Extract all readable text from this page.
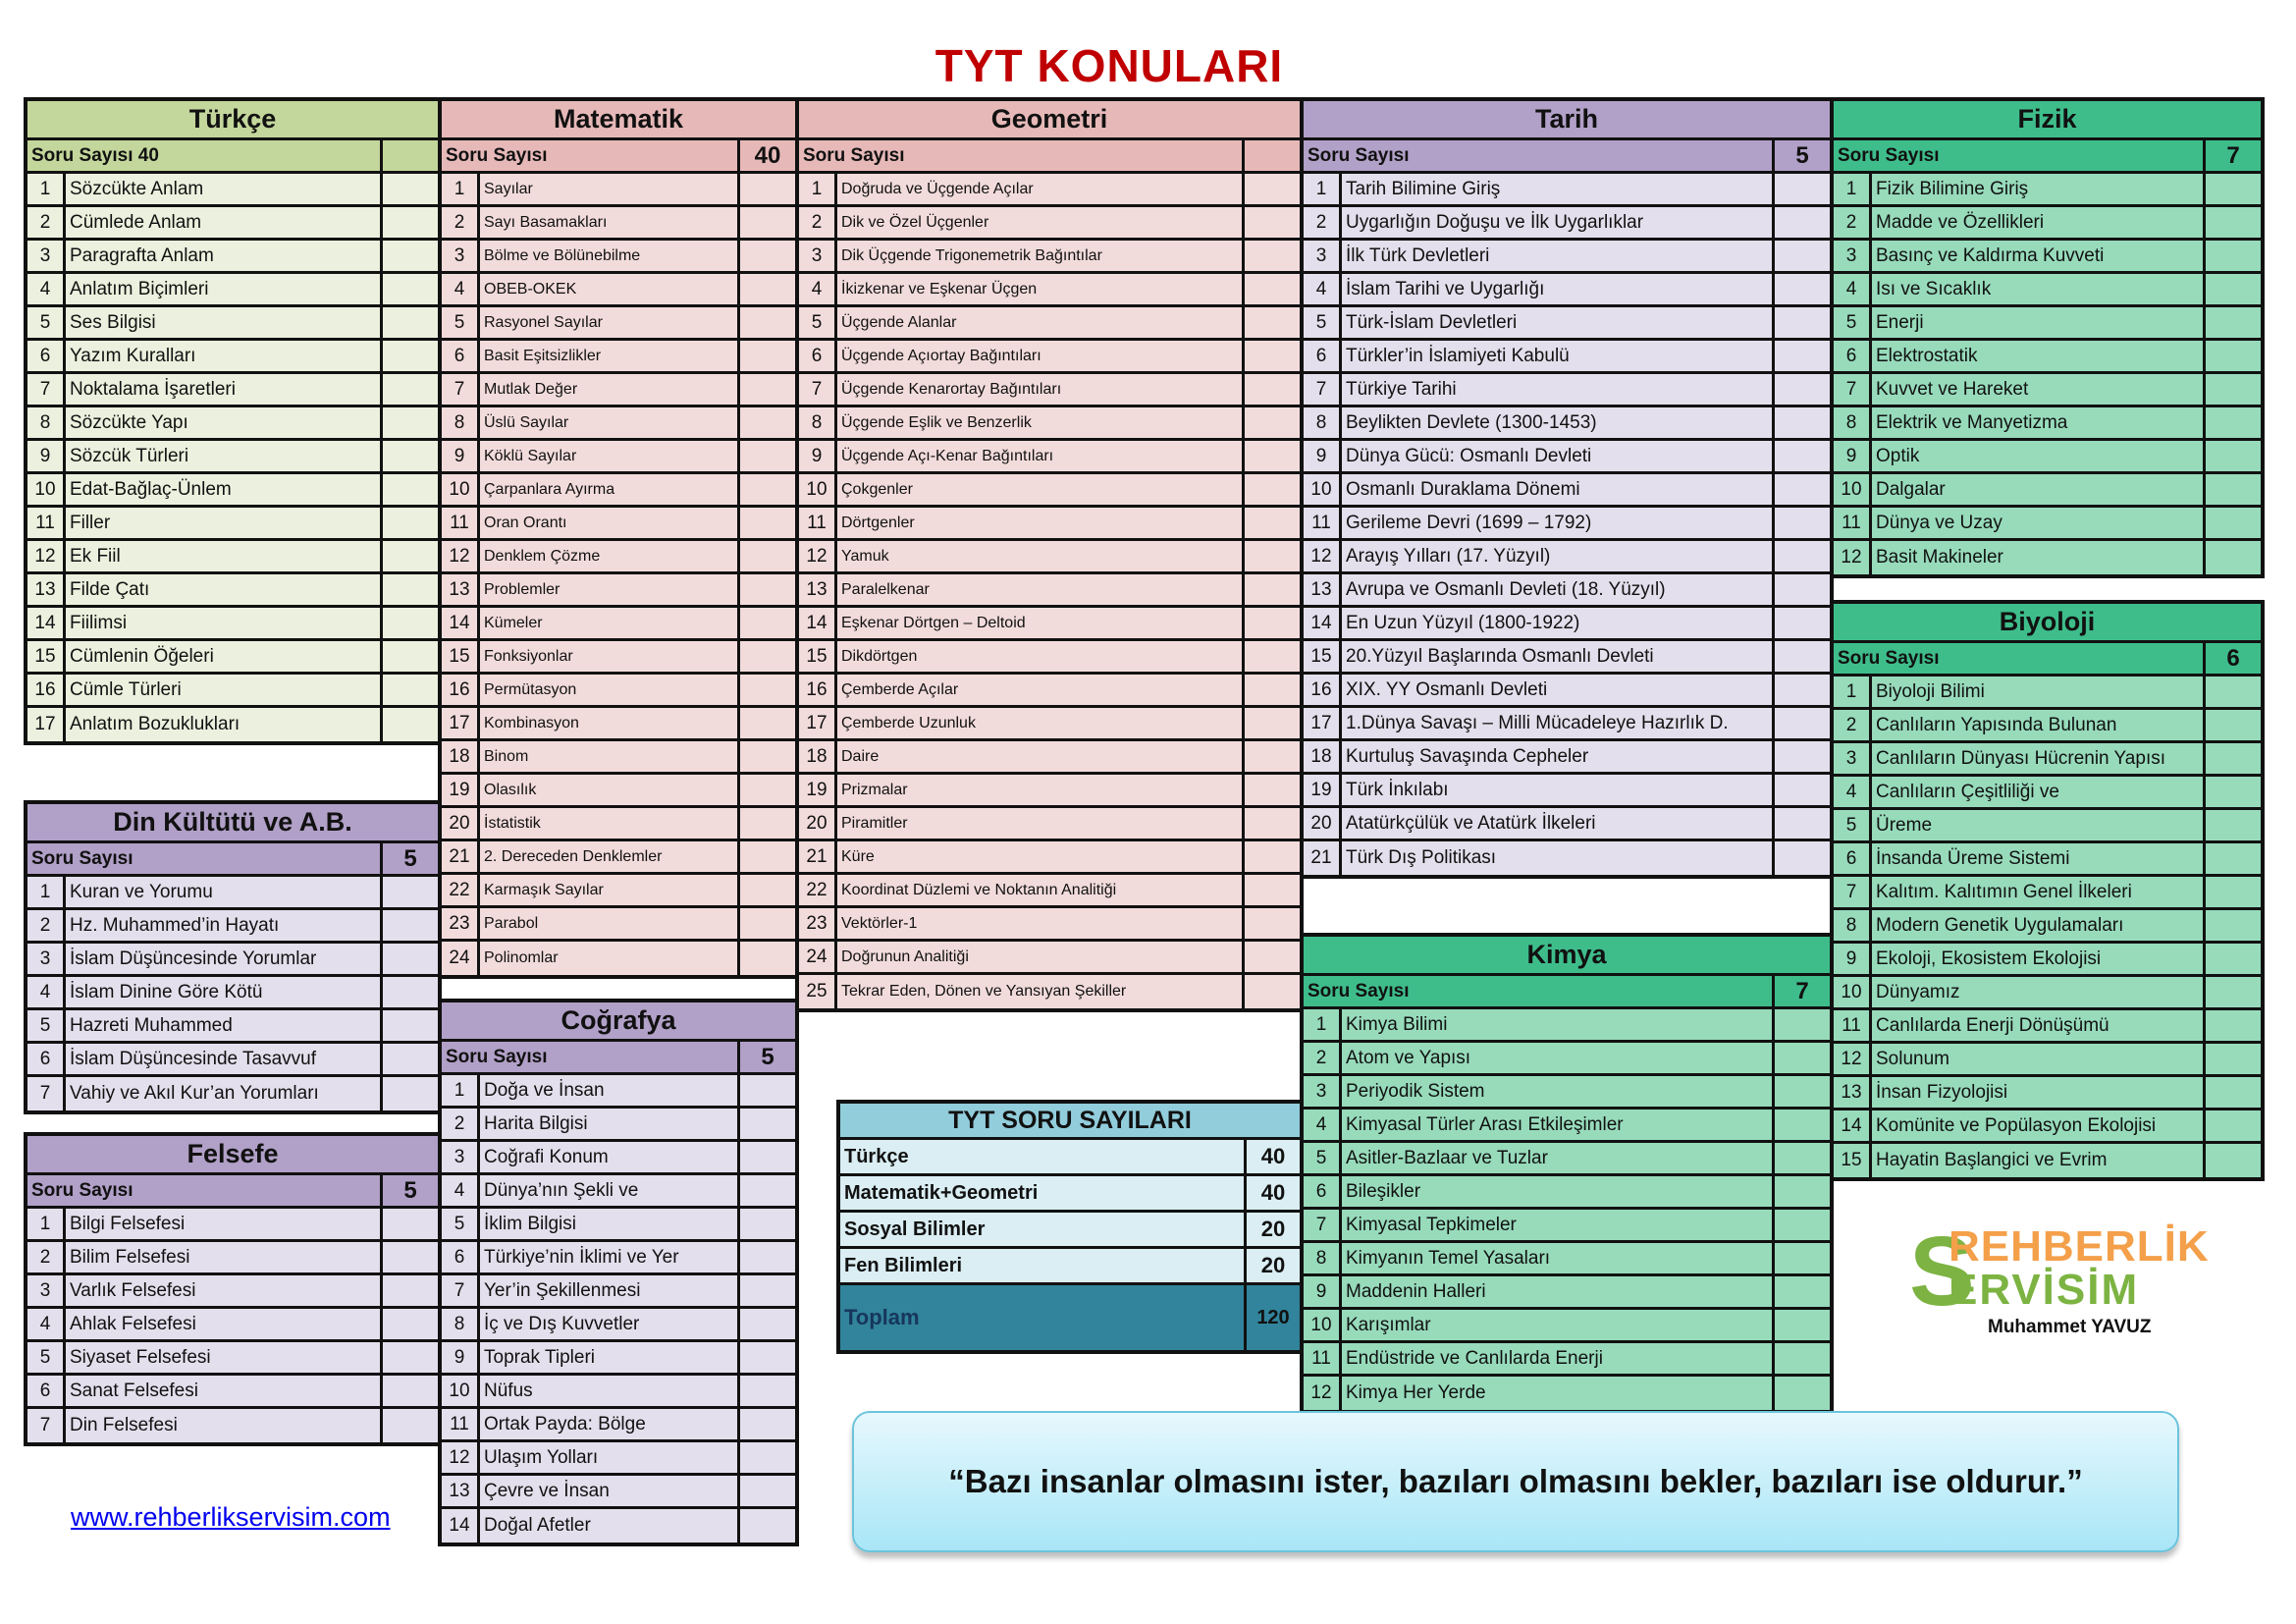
TYT KONULARI
Türkçe
Soru Sayısı 40
1	Sözcükte Anlam
2	Cümlede Anlam
3	Paragrafta Anlam
4	Anlatım Biçimleri
5	Ses Bilgisi
6	Yazım Kuralları
7	Noktalama İşaretleri
8	Sözcükte Yapı
9	Sözcük Türleri
10 Edat-Bağlaç-Ünlem
11 Filler
12 Ek Fiil
13 Filde Çatı
14 Fiilimsi
15 Cümlenin Öğeleri
16 Cümle Türleri
17 Anlatım Bozuklukları
Matematik
Soru Sayısı	40
1	Sayılar
2	Sayı Basamakları
3	Bölme ve Bölünebilme
4	OBEB-OKEK
5	Rasyonel Sayılar
6	Basit Eşitsizlikler
7	Mutlak Değer
8	Üslü Sayılar
9	Köklü Sayılar
10 Çarpanlara Ayırma
11 Oran Orantı
12 Denklem Çözme
13 Problemler
14 Kümeler
15 Fonksiyonlar
16 Permütasyon
17 Kombinasyon
18 Binom
19 Olasılık
20 İstatistik
21 2. Dereceden Denklemler
22 Karmaşık Sayılar
23 Parabol
24 Polinomlar
Geometri
Soru Sayısı
1	Doğruda ve Üçgende Açılar
2	Dik ve Özel Üçgenler
3	Dik Üçgende Trigonemetrik Bağıntılar
4	İkizkenar ve Eşkenar Üçgen
5	Üçgende Alanlar
6	Üçgende Açıortay Bağıntıları
7	Üçgende Kenarortay Bağıntıları
8	Üçgende Eşlik ve Benzerlik
9	Üçgende Açı-Kenar Bağıntıları
10 Çokgenler
11 Dörtgenler
12 Yamuk
13 Paralelkenar
14 Eşkenar Dörtgen – Deltoid
15 Dikdörtgen
16 Çemberde Açılar
17 Çemberde Uzunluk
18 Daire
19 Prizmalar
20 Piramitler
21 Küre
22 Koordinat Düzlemi ve Noktanın Analitiği
23 Vektörler-1
24 Doğrunun Analitiği
25 Tekrar Eden, Dönen ve Yansıyan Şekiller
Tarih
Soru Sayısı	5
1	Tarih Bilimine Giriş
2	Uygarlığın Doğuşu ve İlk Uygarlıklar
3	İlk Türk Devletleri
4	İslam Tarihi ve Uygarlığı
5	Türk-İslam Devletleri
6	Türkler’in İslamiyeti Kabulü
7	Türkiye Tarihi
8	Beylikten Devlete (1300-1453)
9	Dünya Gücü: Osmanlı Devleti
10 Osmanlı Duraklama Dönemi
11 Gerileme Devri (1699 – 1792)
12 Arayış Yılları (17. Yüzyıl)
13 Avrupa ve Osmanlı Devleti (18. Yüzyıl)
14 En Uzun Yüzyıl (1800-1922)
15 20.Yüzyıl Başlarında Osmanlı Devleti
16 XIX. YY Osmanlı Devleti
17 1.Dünya Savaşı – Milli Mücadeleye Hazırlık D.
18 Kurtuluş Savaşında Cepheler
19 Türk İnkılabı
20 Atatürkçülük ve Atatürk İlkeleri
21 Türk Dış Politikası
Fizik
Soru Sayısı	7
1	Fizik Bilimine Giriş
2	Madde ve Özellikleri
3	Basınç ve Kaldırma Kuvveti
4	Isı ve Sıcaklık
5	Enerji
6	Elektrostatik
7	Kuvvet ve Hareket
8	Elektrik ve Manyetizma
9	Optik
10 Dalgalar
11 Dünya ve Uzay
12 Basit Makineler
Biyoloji
Soru Sayısı	6
1	Biyoloji Bilimi
2	Canlıların Yapısında Bulunan
3	Canlıların Dünyası Hücrenin Yapısı
4	Canlıların Çeşitliliği ve
5	Üreme
6	İnsanda Üreme Sistemi
7	Kalıtım. Kalıtımın Genel İlkeleri
8	Modern Genetik Uygulamaları
9	Ekoloji, Ekosistem Ekolojisi
10 Dünyamız
11 Canlılarda Enerji Dönüşümü
12 Solunum
13 İnsan Fizyolojisi
14 Komünite ve Popülasyon Ekolojisi
15 Hayatin Başlangici ve Evrim
Din Kültütü ve A.B.
Soru Sayısı	5
1	Kuran ve Yorumu
2	Hz. Muhammed’in Hayatı
3	İslam Düşüncesinde Yorumlar
4	İslam Dinine Göre Kötü
5	Hazreti Muhammed
6	İslam Düşüncesinde Tasavvuf
7	Vahiy ve Akıl Kur’an Yorumları
Felsefe
Soru Sayısı	5
1	Bilgi Felsefesi
2	Bilim Felsefesi
3	Varlık Felsefesi
4	Ahlak Felsefesi
5	Siyaset Felsefesi
6	Sanat Felsefesi
7	Din Felsefesi
Coğrafya
Soru Sayısı	5
1	Doğa ve İnsan
2	Harita Bilgisi
3	Coğrafi Konum
4	Dünya’nın Şekli ve
5	İklim Bilgisi
6	Türkiye’nin İklimi ve Yer
7	Yer’in Şekillenmesi
8	İç ve Dış Kuvvetler
9	Toprak Tipleri
10 Nüfus
11 Ortak Payda: Bölge
12 Ulaşım Yolları
13 Çevre ve İnsan
14 Doğal Afetler
Kimya
Soru Sayısı	7
1	Kimya Bilimi
2	Atom ve Yapısı
3	Periyodik Sistem
4	Kimyasal Türler Arası Etkileşimler
5	Asitler-Bazlaar ve Tuzlar
6	Bileşikler
7	Kimyasal Tepkimeler
8	Kimyanın Temel Yasaları
9	Maddenin Halleri
10 Karışımlar
11 Endüstride ve Canlılarda Enerji
12 Kimya Her Yerde
TYT SORU SAYILARI
Türkçe	40
Matematik+Geometri	40
Sosyal Bilimler	20
Fen Bilimleri	20
Toplam	120	S
REHBERLİK
ERVİSİM
Muhammet YAVUZ
www.rehberlikservisim.com
“Bazı insanlar olmasını ister, bazıları olmasını bekler, bazıları ise oldurur.”
